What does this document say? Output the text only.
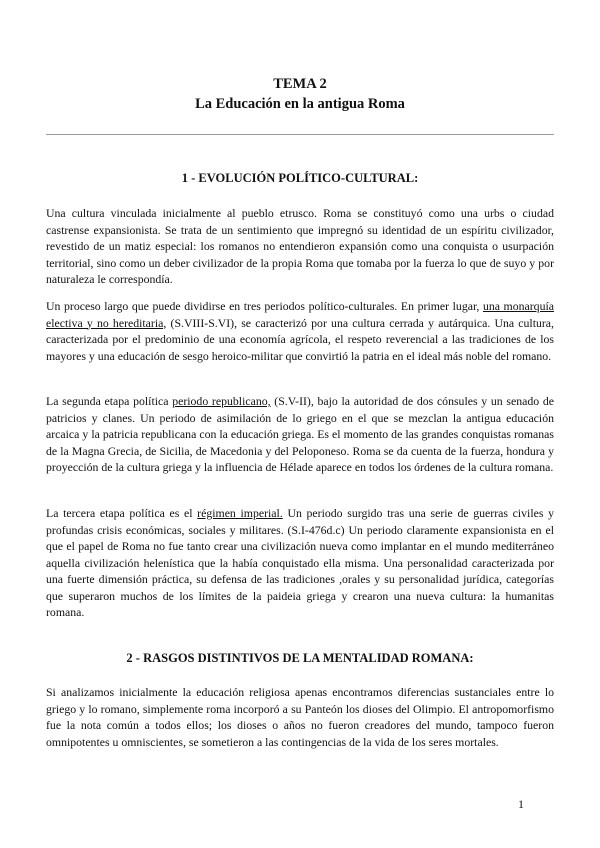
TEMA 2
La Educación en la antigua Roma
1 - EVOLUCIÓN POLÍTICO-CULTURAL:

Una cultura vinculada inicialmente al pueblo etrusco. Roma se constituyó como una urbs o ciudad castrense expansionista. Se trata de un sentimiento que impregnó su identidad de un espíritu civilizador, revestido de un matiz especial: los romanos no entendieron expansión como una conquista o usurpación territorial, sino como un deber civilizador de la propia Roma que tomaba por la fuerza lo que de suyo y por naturaleza le correspondía.

Un proceso largo que puede dividirse en tres periodos político-culturales. En primer lugar, una monarquía electiva y no hereditaria, (S.VIII-S.VI), se caracterizó por una cultura cerrada y autárquica. Una cultura, caracterizada por el predominio de una economía agrícola, el respeto reverencial a las tradiciones de los mayores y una educación de sesgo heroico-militar que convirtió la patria en el ideal más noble del romano.

La segunda etapa política periodo republicano, (S.V-II), bajo la autoridad de dos cónsules y un senado de patricios y clanes. Un periodo de asimilación de lo griego en el que se mezclan la antigua educación arcaica y la patricia republicana con la educación griega. Es el momento de las grandes conquistas romanas de la Magna Grecia, de Sicilia, de Macedonia y del Peloponeso. Roma se da cuenta de la fuerza, hondura y proyección de la cultura griega y la influencia de Hélade aparece en todos los órdenes de la cultura romana.

La tercera etapa política es el régimen imperial. Un periodo surgido tras una serie de guerras civiles y profundas crisis económicas, sociales y militares. (S.I-476d.c) Un periodo claramente expansionista en el que el papel de Roma no fue tanto crear una civilización nueva como implantar en el mundo mediterráneo aquella civilización helenística que la había conquistado ella misma. Una personalidad caracterizada por una fuerte dimensión práctica, su defensa de las tradiciones ,orales y su personalidad jurídica, categorías que superaron muchos de los límites de la paideia griega y crearon una nueva cultura: la humanitas romana.

2 - RASGOS DISTINTIVOS DE LA MENTALIDAD ROMANA:

Si analizamos inicialmente la educación religiosa apenas encontramos diferencias sustanciales entre lo griego y lo romano, simplemente roma incorporó a su Panteón los dioses del Olimpio. El antropomorfismo fue la nota común a todos ellos; los dioses o años no fueron creadores del mundo, tampoco fueron omnipotentes u omniscientes, se sometieron a las contingencias de la vida de los seres mortales.

1
